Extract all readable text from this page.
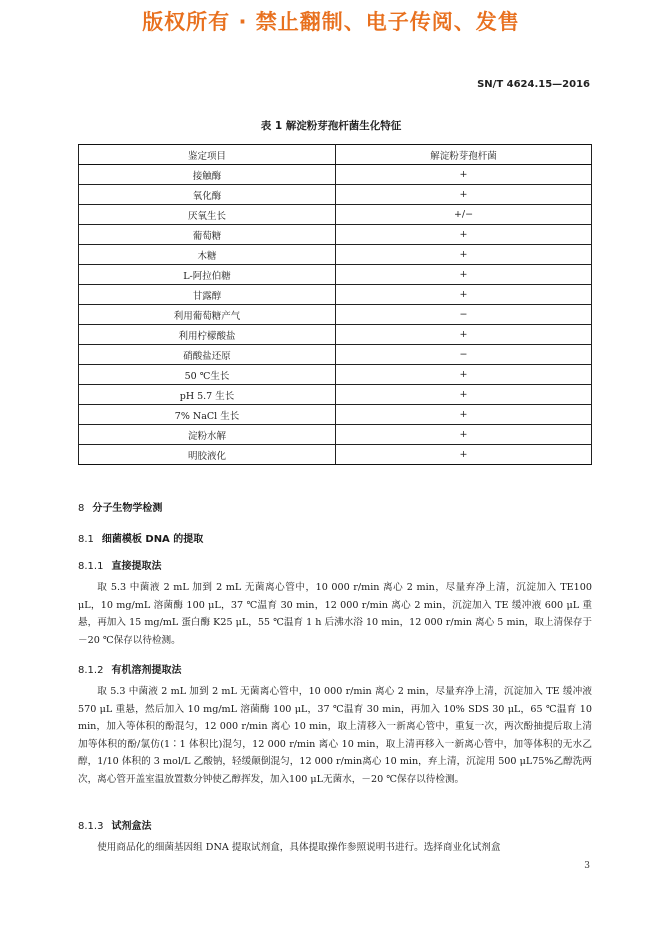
版权所有 · 禁止翻制、电子传阅、发售
SN/T 4624.15—2016
表 1 解淀粉芽孢杆菌生化特征
鉴定项目	解淀粉芽孢杆菌
接触酶	+
氧化酶	+
厌氧生长	+/−
葡萄糖	+
木糖	+
L-阿拉伯糖	+
甘露醇	+
利用葡萄糖产气	−
利用柠檬酸盐	+
硝酸盐还原	−
50 ℃生长	+
pH 5.7 生长	+
7% NaCl 生长	+
淀粉水解	+
明胶液化	+
8 分子生物学检测
8.1 细菌模板 DNA 的提取
8.1.1 直接提取法

取 5.3 中菌液 2 mL 加到 2 mL 无菌离心管中，10 000 r/min 离心 2 min，尽量弃净上清，沉淀加入 TE100 μL，10 mg/mL 溶菌酶 100 μL，37 ℃温育 30 min，12 000 r/min 离心 2 min，沉淀加入 TE 缓冲液 600 μL 重悬，再加入 15 mg/mL 蛋白酶 K25 μL，55 ℃温育 1 h 后沸水浴 10 min，12 000 r/min 离心 5 min，取上清保存于－20 ℃保存以待检测。

8.1.2 有机溶剂提取法

取 5.3 中菌液 2 mL 加到 2 mL 无菌离心管中，10 000 r/min 离心 2 min，尽量弃净上清，沉淀加入 TE 缓冲液 570 μL 重悬，然后加入 10 mg/mL 溶菌酶 100 μL，37 ℃温育 30 min，再加入 10% SDS 30 μL，65 ℃温育 10 min，加入等体积的酚混匀，12 000 r/min 离心 10 min，取上清移入一新离心管中，重复一次，两次酚抽提后取上清加等体积的酚/氯仿(1∶1 体积比)混匀，12 000 r/min 离心 10 min，取上清再移入一新离心管中，加等体积的无水乙醇，1/10 体积的 3 mol/L 乙酸钠，轻缓颠倒混匀，12 000 r/min离心 10 min，弃上清，沉淀用 500 μL75%乙醇洗两次，离心管开盖室温放置数分钟使乙醇挥发，加入100 μL无菌水，－20 ℃保存以待检测。

8.1.3 试剂盒法

使用商品化的细菌基因组 DNA 提取试剂盒，具体提取操作参照说明书进行。选择商业化试剂盒

3
